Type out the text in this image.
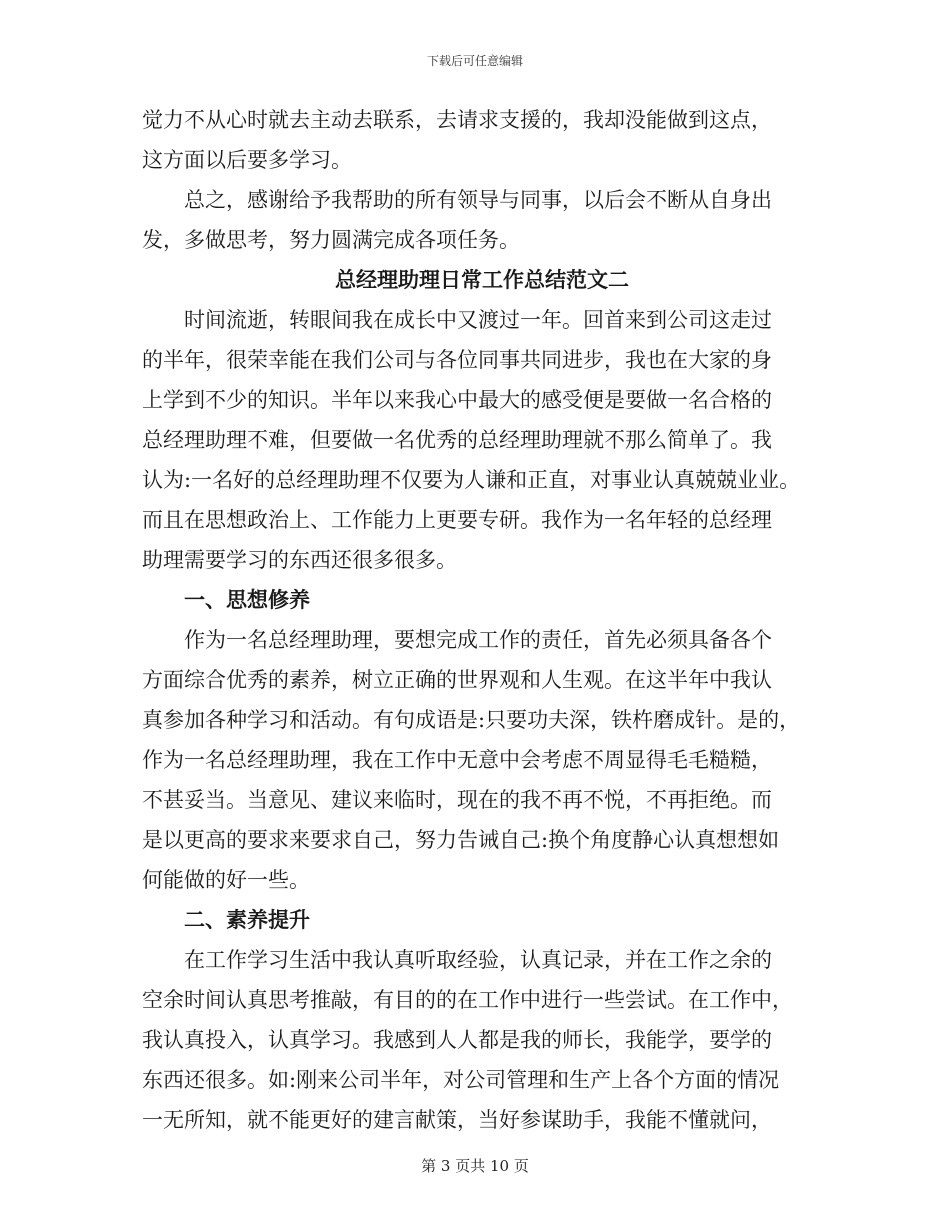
下载后可任意编辑
觉力不从心时就去主动去联系，去请求支援的，我却没能做到这点，
这方面以后要多学习。
总之，感谢给予我帮助的所有领导与同事，以后会不断从自身出
发，多做思考，努力圆满完成各项任务。
总经理助理日常工作总结范文二
时间流逝，转眼间我在成长中又渡过一年。回首来到公司这走过
的半年，很荣幸能在我们公司与各位同事共同进步，我也在大家的身
上学到不少的知识。半年以来我心中最大的感受便是要做一名合格的
总经理助理不难，但要做一名优秀的总经理助理就不那么简单了。我
认为:一名好的总经理助理不仅要为人谦和正直，对事业认真兢兢业业。
而且在思想政治上、工作能力上更要专研。我作为一名年轻的总经理
助理需要学习的东西还很多很多。
一、思想修养
作为一名总经理助理，要想完成工作的责任，首先必须具备各个
方面综合优秀的素养，树立正确的世界观和人生观。在这半年中我认
真参加各种学习和活动。有句成语是:只要功夫深，铁杵磨成针。是的，
作为一名总经理助理，我在工作中无意中会考虑不周显得毛毛糙糙，
不甚妥当。当意见、建议来临时，现在的我不再不悦，不再拒绝。而
是以更高的要求来要求自己，努力告诫自己:换个角度静心认真想想如
何能做的好一些。
二、素养提升
在工作学习生活中我认真听取经验，认真记录，并在工作之余的
空余时间认真思考推敲，有目的的在工作中进行一些尝试。在工作中，
我认真投入，认真学习。我感到人人都是我的师长，我能学，要学的
东西还很多。如:刚来公司半年，对公司管理和生产上各个方面的情况
一无所知，就不能更好的建言献策，当好参谋助手，我能不懂就问，
第 3 页共 10 页
